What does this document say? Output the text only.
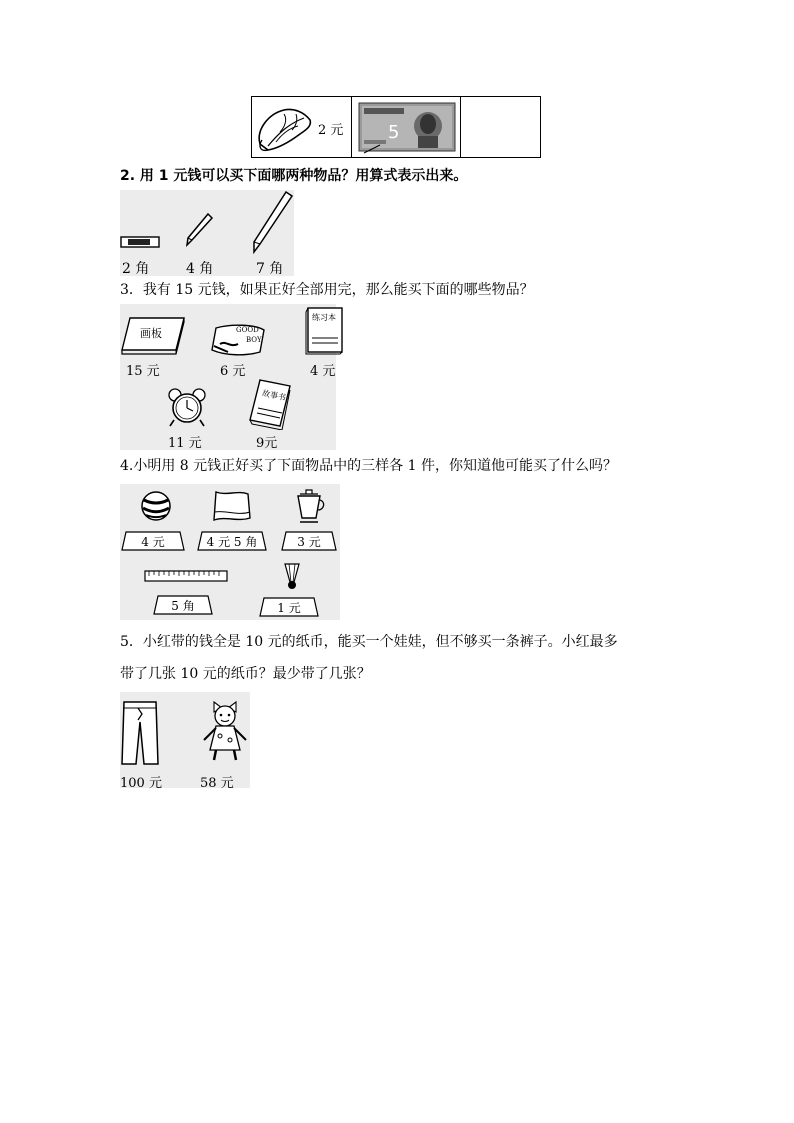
2 元	5

2. 用 1 元钱可以买下面哪两种物品？用算式表示出来。
2 角	4 角	7 角
3．我有 15 元钱，如果正好全部用完，那么能买下面的哪些物品？
画板	GOOD
BOY
练习本
15 元	6 元	4 元
故事书
11 元	9元
4.小明用 8 元钱正好买了下面物品中的三样各 1 件，你知道他可能买了什么吗？
4 元	4 元 5 角	3 元
5 角	1 元
5．小红带的钱全是 10 元的纸币，能买一个娃娃，但不够买一条裤子。小红最多
带了几张 10 元的纸币？最少带了几张？
100 元	58 元
